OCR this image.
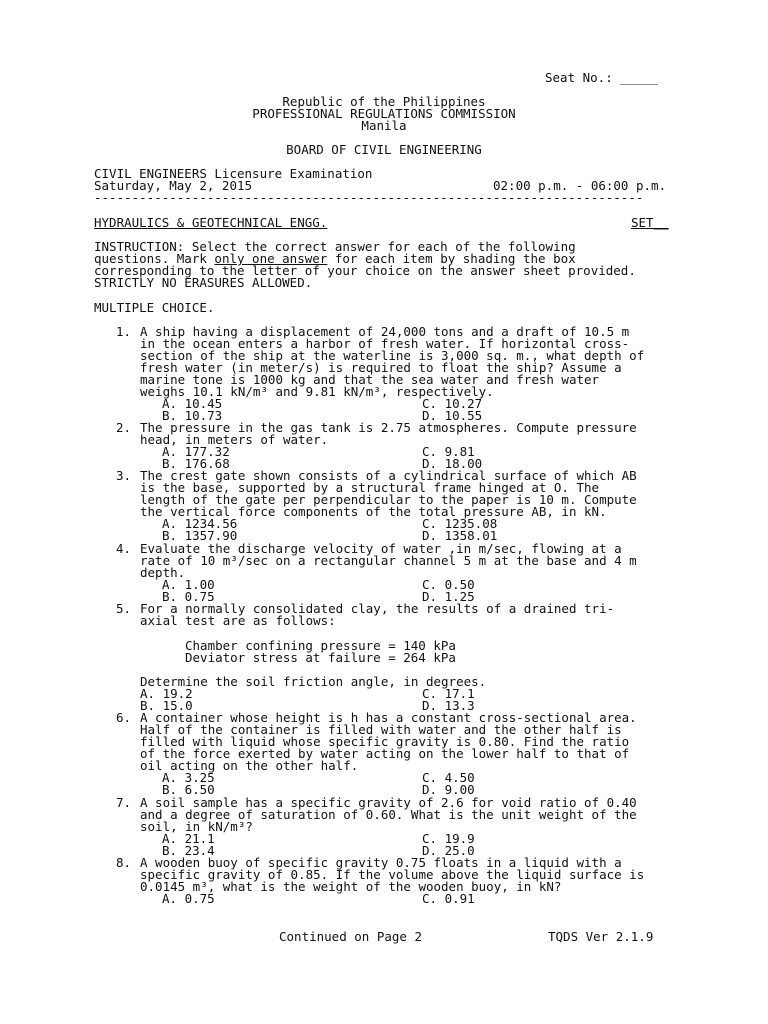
Seat No.: _____
Republic of the Philippines
PROFESSIONAL REGULATIONS COMMISSION
Manila
BOARD OF CIVIL ENGINEERING
CIVIL ENGINEERS Licensure Examination
Saturday, May 2, 2015	02:00 p.m. - 06:00 p.m.
-------------------------------------------------------------------------
HYDRAULICS & GEOTECHNICAL ENGG.	SET__
INSTRUCTION: Select the correct answer for each of the following
questions. Mark only one answer for each item by shading the box
corresponding to the letter of your choice on the answer sheet provided.
STRICTLY NO ERASURES ALLOWED.
MULTIPLE CHOICE.
1. A ship having a displacement of 24,000 tons and a draft of 10.5 m
in the ocean enters a harbor of fresh water. If horizontal cross-
section of the ship at the waterline is 3,000 sq. m., what depth of
fresh water (in meter/s) is required to float the ship? Assume a
marine tone is 1000 kg and that the sea water and fresh water
weighs 10.1 kN/m³ and 9.81 kN/m³, respectively.
A. 10.45	C. 10.27
B. 10.73	D. 10.55
2. The pressure in the gas tank is 2.75 atmospheres. Compute pressure
head, in meters of water.
A. 177.32	C. 9.81
B. 176.68	D. 18.00
3. The crest gate shown consists of a cylindrical surface of which AB
is the base, supported by a structural frame hinged at O. The
length of the gate per perpendicular to the paper is 10 m. Compute
the vertical force components of the total pressure AB, in kN.
A. 1234.56	C. 1235.08
B. 1357.90	D. 1358.01
4. Evaluate the discharge velocity of water ,in m/sec, flowing at a
rate of 10 m³/sec on a rectangular channel 5 m at the base and 4 m
depth.
A. 1.00	C. 0.50
B. 0.75	D. 1.25
5. For a normally consolidated clay, the results of a drained tri-
axial test are as follows:
Chamber confining pressure = 140 kPa
Deviator stress at failure = 264 kPa
Determine the soil friction angle, in degrees.
A. 19.2	C. 17.1
B. 15.0	D. 13.3
6. A container whose height is h has a constant cross-sectional area.
Half of the container is filled with water and the other half is
filled with liquid whose specific gravity is 0.80. Find the ratio
of the force exerted by water acting on the lower half to that of
oil acting on the other half.
A. 3.25	C. 4.50
B. 6.50	D. 9.00
7. A soil sample has a specific gravity of 2.6 for void ratio of 0.40
and a degree of saturation of 0.60. What is the unit weight of the
soil, in kN/m³?
A. 21.1	C. 19.9
B. 23.4	D. 25.0
8. A wooden buoy of specific gravity 0.75 floats in a liquid with a
specific gravity of 0.85. If the volume above the liquid surface is
0.0145 m³, what is the weight of the wooden buoy, in kN?
A. 0.75	C. 0.91
Continued on Page 2	TQDS Ver 2.1.9
